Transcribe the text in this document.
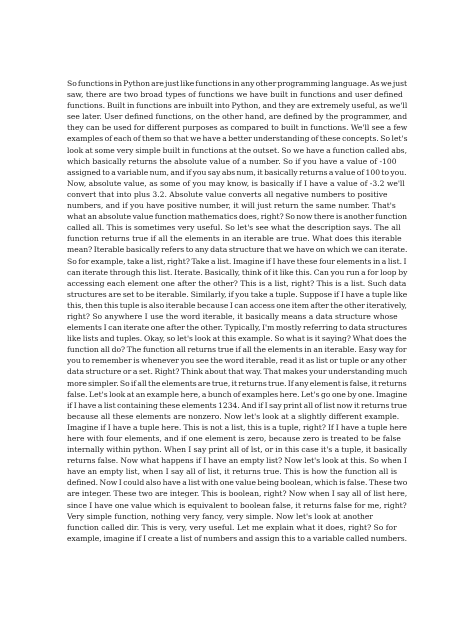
So functions in Python are just like functions in any other programming language. As we just
saw, there are two broad types of functions we have built in functions and user defined
functions. Built in functions are inbuilt into Python, and they are extremely useful, as we'll
see later. User defined functions, on the other hand, are defined by the programmer, and
they can be used for different purposes as compared to built in functions. We'll see a few
examples of each of them so that we have a better understanding of these concepts. So let's
look at some very simple built in functions at the outset. So we have a function called abs,
which basically returns the absolute value of a number. So if you have a value of -100
assigned to a variable num, and if you say abs num, it basically returns a value of 100 to you.
Now, absolute value, as some of you may know, is basically if I have a value of -3.2 we'll
convert that into plus 3.2. Absolute value converts all negative numbers to positive
numbers, and if you have positive number, it will just return the same number. That's
what an absolute value function mathematics does, right? So now there is another function
called all. This is sometimes very useful. So let's see what the description says. The all
function returns true if all the elements in an iterable are true. What does this iterable
mean? Iterable basically refers to any data structure that we have on which we can iterate.
So for example, take a list, right? Take a list. Imagine if I have these four elements in a list. I
can iterate through this list. Iterate. Basically, think of it like this. Can you run a for loop by
accessing each element one after the other? This is a list, right? This is a list. Such data
structures are set to be iterable. Similarly, if you take a tuple. Suppose if I have a tuple like
this, then this tuple is also iterable because I can access one item after the other iteratively,
right? So anywhere I use the word iterable, it basically means a data structure whose
elements I can iterate one after the other. Typically, I'm mostly referring to data structures
like lists and tuples. Okay, so let's look at this example. So what is it saying? What does the
function all do? The function all returns true if all the elements in an iterable. Easy way for
you to remember is whenever you see the word iterable, read it as list or tuple or any other
data structure or a set. Right? Think about that way. That makes your understanding much
more simpler. So if all the elements are true, it returns true. If any element is false, it returns
false. Let's look at an example here, a bunch of examples here. Let's go one by one. Imagine
if I have a list containing these elements 1234. And if I say print all of list now it returns true
because all these elements are nonzero. Now let's look at a slightly different example.
Imagine if I have a tuple here. This is not a list, this is a tuple, right? If I have a tuple here
here with four elements, and if one element is zero, because zero is treated to be false
internally within python. When I say print all of lst, or in this case it's a tuple, it basically
returns false. Now what happens if I have an empty list? Now let's look at this. So when I
have an empty list, when I say all of list, it returns true. This is how the function all is
defined. Now I could also have a list with one value being boolean, which is false. These two
are integer. These two are integer. This is boolean, right? Now when I say all of list here,
since I have one value which is equivalent to boolean false, it returns false for me, right?
Very simple function, nothing very fancy, very simple. Now let's look at another
function called dir. This is very, very useful. Let me explain what it does, right? So for
example, imagine if I create a list of numbers and assign this to a variable called numbers.
